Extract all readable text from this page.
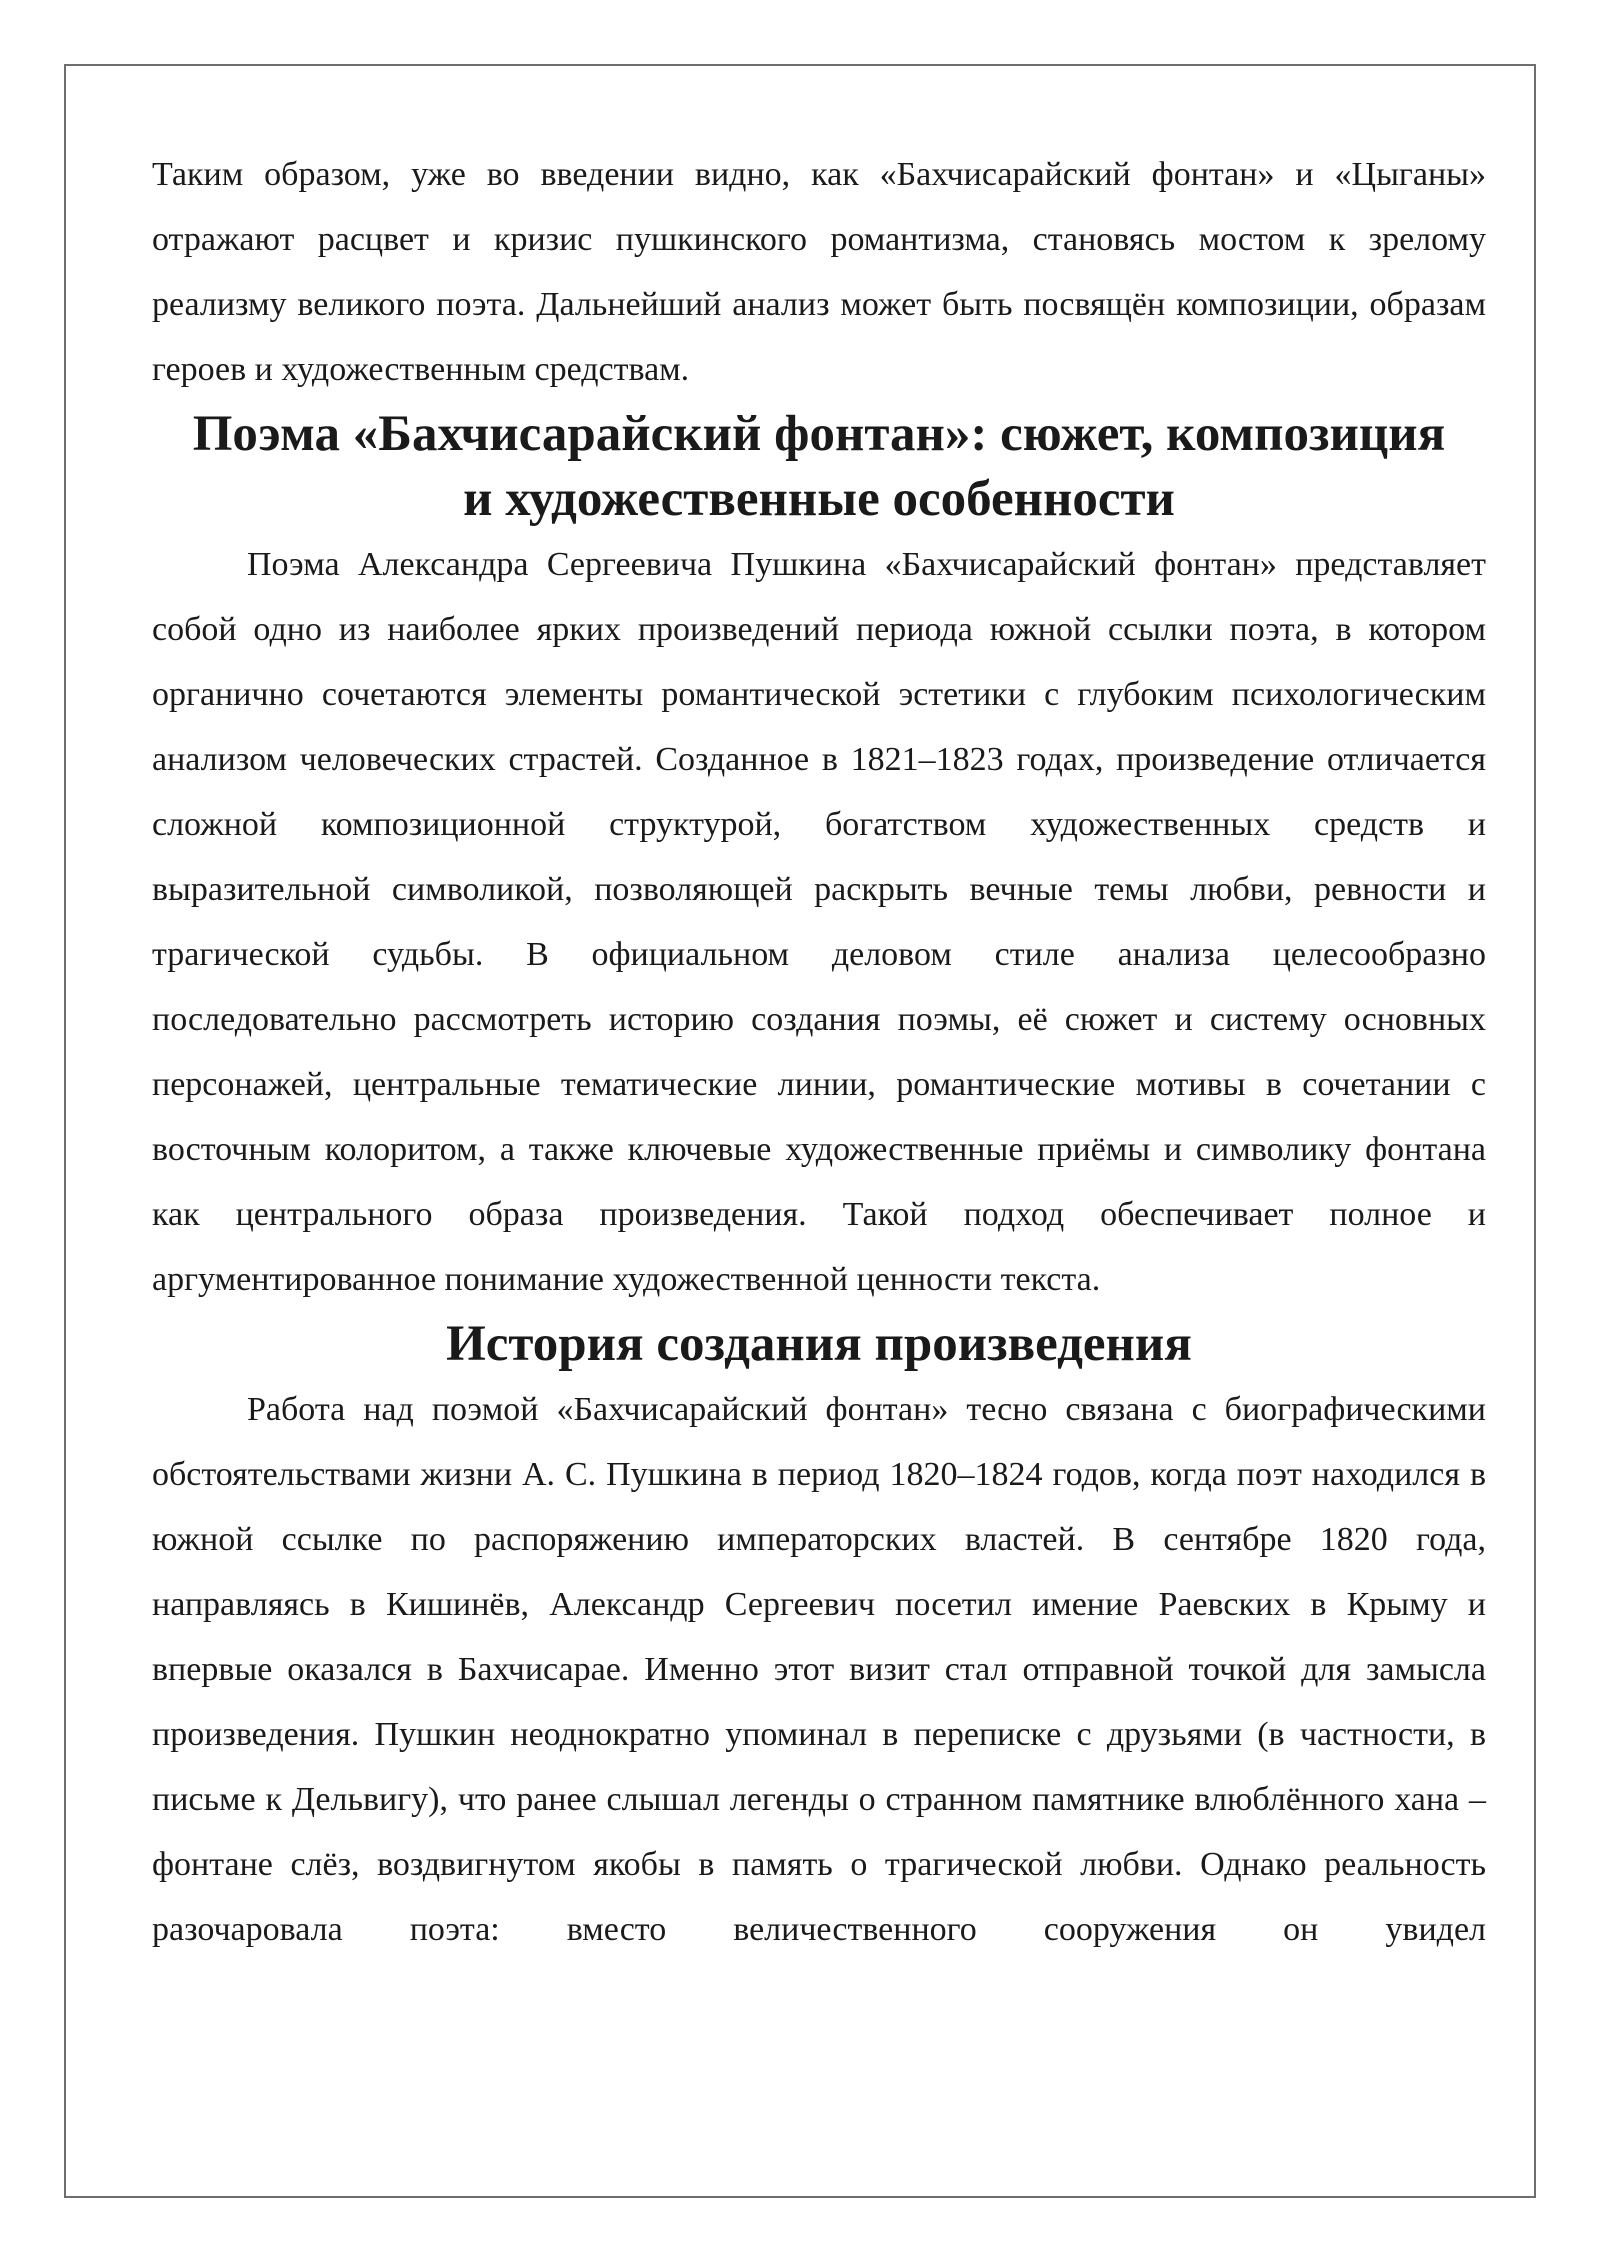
Таким образом, уже во введении видно, как «Бахчисарайский фонтан» и «Цыганы» отражают расцвет и кризис пушкинского романтизма, становясь мостом к зрелому реализму великого поэта. Дальнейший анализ может быть посвящён композиции, образам героев и художественным средствам.

Поэма «Бахчисарайский фонтан»: сюжет, композиция и художественные особенности

Поэма Александра Сергеевича Пушкина «Бахчисарайский фонтан» представляет собой одно из наиболее ярких произведений периода южной ссылки поэта, в котором органично сочетаются элементы романтической эстетики с глубоким психологическим анализом человеческих страстей. Созданное в 1821–1823 годах, произведение отличается сложной композиционной структурой, богатством художественных средств и выразительной символикой, позволяющей раскрыть вечные темы любви, ревности и трагической судьбы. В официальном деловом стиле анализа целесообразно последовательно рассмотреть историю создания поэмы, её сюжет и систему основных персонажей, центральные тематические линии, романтические мотивы в сочетании с восточным колоритом, а также ключевые художественные приёмы и символику фонтана как центрального образа произведения. Такой подход обеспечивает полное и аргументированное понимание художественной ценности текста.

История создания произведения

Работа над поэмой «Бахчисарайский фонтан» тесно связана с биографическими обстоятельствами жизни А. С. Пушкина в период 1820–1824 годов, когда поэт находился в южной ссылке по распоряжению императорских властей. В сентябре 1820 года, направляясь в Кишинёв, Александр Сергеевич посетил имение Раевских в Крыму и впервые оказался в Бахчисарае. Именно этот визит стал отправной точкой для замысла произведения. Пушкин неоднократно упоминал в переписке с друзьями (в частности, в письме к Дельвигу), что ранее слышал легенды о странном памятнике влюблённого хана – фонтане слёз, воздвигнутом якобы в память о трагической любви. Однако реальность разочаровала поэта: вместо величественного сооружения он увидел
